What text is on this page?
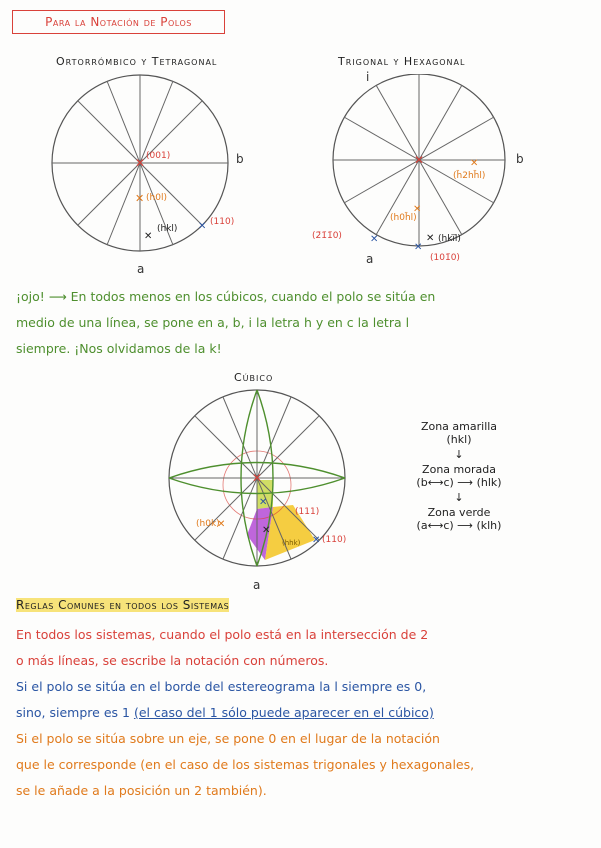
Para la Notación de Polos
Ortorrómbico y Tetragonal
✕
✕
(001)
(h0l)
✕
(hkl) ✕ (110)
b
a
Trigonal y Hexagonal
i
✕	✕
(h̄2hh̄l)
✕
(h0h̄l)
✕ (hki̅l)
✕
✕
(2̄1̄1̄0)
(101̄0)
b
a
¡ojo! ⟶ En todos menos en los cúbicos, cuando el polo se sitúa en
medio de una línea, se pone en a, b, i la letra h y en c la letra l
siempre. ¡Nos olvidamos de la k!
Cúbico
✕
✕
✕
✕
✕
(h0k)
(111)
(110)
(hhk)
a
Zona amarilla
(hkl)
↓
Zona morada
(b⟷c) ⟶ (hlk)
↓
Zona verde
(a⟷c) ⟶ (klh)
Reglas Comunes en todos los Sistemas
En todos los sistemas, cuando el polo está en la intersección de 2
o más líneas, se escribe la notación con números.
Si el polo se sitúa en el borde del estereograma la l siempre es 0,
sino, siempre es 1 (el caso del 1 sólo puede aparecer en el cúbico)
Si el polo se sitúa sobre un eje, se pone 0 en el lugar de la notación
que le corresponde (en el caso de los sistemas trigonales y hexagonales,
se le añade a la posición un 2 también).
